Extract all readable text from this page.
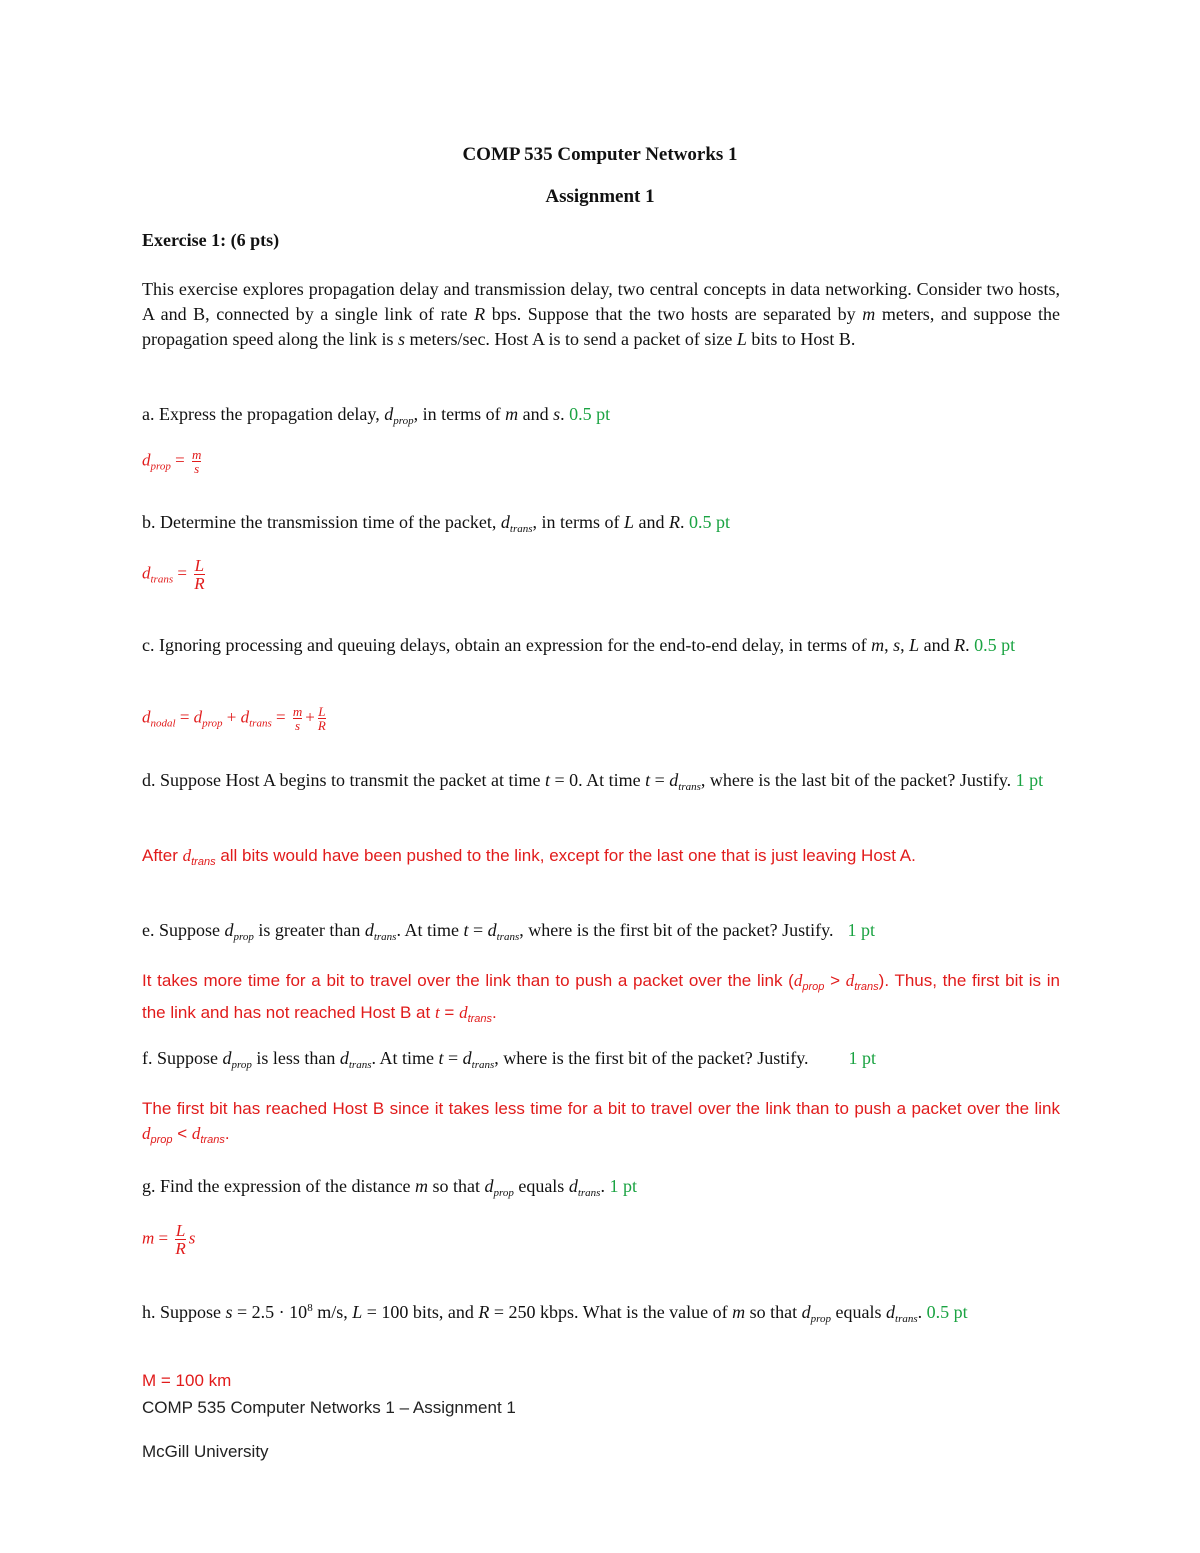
COMP 535 Computer Networks 1
Assignment 1
Exercise 1: (6 pts)
This exercise explores propagation delay and transmission delay, two central concepts in data networking. Consider two hosts, A and B, connected by a single link of rate R bps. Suppose that the two hosts are separated by m meters, and suppose the propagation speed along the link is s meters/sec. Host A is to send a packet of size L bits to Host B.
a. Express the propagation delay, $d_{prop}$, in terms of m and s. 0.5 pt
$d_{prop} = \frac{m}{s}$
b. Determine the transmission time of the packet, $d_{trans}$, in terms of L and R. 0.5 pt
$d_{trans} = \frac{L}{R}$
c. Ignoring processing and queuing delays, obtain an expression for the end-to-end delay, in terms of m, s, L and R. 0.5 pt
$d_{nodal} = d_{prop} + d_{trans} = \frac{m}{s} + \frac{L}{R}$
d. Suppose Host A begins to transmit the packet at time t = 0. At time $t = d_{trans}$, where is the last bit of the packet? Justify. 1 pt
After $d_{trans}$ all bits would have been pushed to the link, except for the last one that is just leaving Host A.
e. Suppose $d_{prop}$ is greater than $d_{trans}$. At time $t = d_{trans}$, where is the first bit of the packet? Justify. 1 pt
It takes more time for a bit to travel over the link than to push a packet over the link $(d_{prop} > d_{trans})$. Thus, the first bit is in the link and has not reached Host B at $t = d_{trans}$.
f. Suppose $d_{prop}$ is less than $d_{trans}$. At time $t = d_{trans}$, where is the first bit of the packet? Justify. 1 pt
The first bit has reached Host B since it takes less time for a bit to travel over the link than to push a packet over the link $d_{prop} < d_{trans}$.
g. Find the expression of the distance m so that $d_{prop}$ equals $d_{trans}$. 1 pt
$m = \frac{L}{R}$ s
h. Suppose $s = 2.5 \cdot 10^8$ m/s, L = 100 bits, and R = 250 kbps. What is the value of m so that $d_{prop}$ equals $d_{trans}$. 0.5 pt
M = 100 km
COMP 535 Computer Networks 1 – Assignment 1
McGill University
